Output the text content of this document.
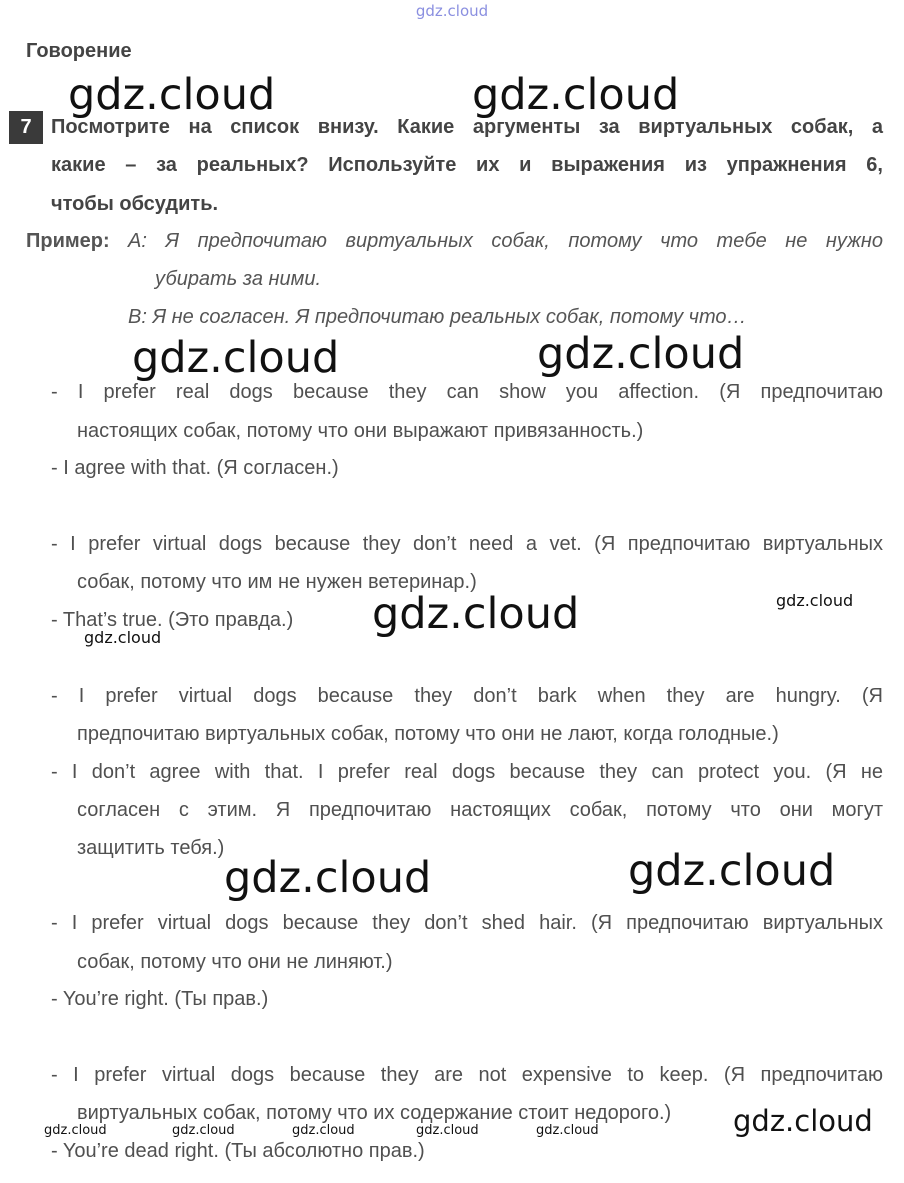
gdz.cloud
Говорение
7 Посмотрите на список внизу. Какие аргументы за виртуальных собак, а
какие – за реальных? Используйте их и выражения из упражнения 6,
чтобы обсудить.
Пример: A: Я предпочитаю виртуальных собак, потому что тебе не нужно
убирать за ними.
B: Я не согласен. Я предпочитаю реальных собак, потому что…
- I prefer real dogs because they can show you affection. (Я предпочитаю
настоящих собак, потому что они выражают привязанность.)
- I agree with that. (Я согласен.)
- I prefer virtual dogs because they don’t need a vet. (Я предпочитаю виртуальных
собак, потому что им не нужен ветеринар.)
- That’s true. (Это правда.)
- I prefer virtual dogs because they don’t bark when they are hungry. (Я
предпочитаю виртуальных собак, потому что они не лают, когда голодные.)
- I don’t agree with that. I prefer real dogs because they can protect you. (Я не
согласен с этим. Я предпочитаю настоящих собак, потому что они могут
защитить тебя.)
- I prefer virtual dogs because they don’t shed hair. (Я предпочитаю виртуальных
собак, потому что они не линяют.)
- You’re right. (Ты прав.)
- I prefer virtual dogs because they are not expensive to keep. (Я предпочитаю
виртуальных собак, потому что их содержание стоит недорого.)
- You’re dead right. (Ты абсолютно прав.)
gdz.cloud	gdz.cloud
gdz.cloud	gdz.cloud
gdz.cloud	gdz.cloud
gdz.cloud
gdz.cloud	gdz.cloud
gdz.cloud
gdz.cloud	gdz.cloud	gdz.cloud	gdz.cloud	gdz.cloud
